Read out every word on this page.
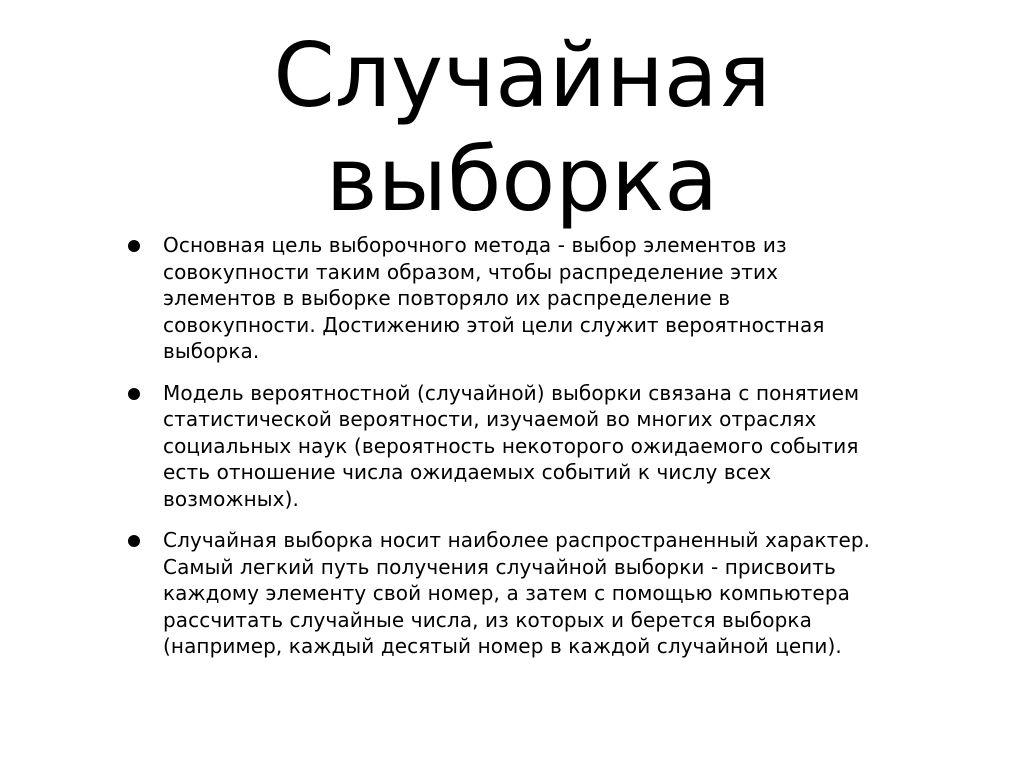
Случайная
выборка
Основная цель выборочного метода - выбор элементов из
совокупности таким образом, чтобы распределение этих
элементов в выборке повторяло их распределение в
совокупности. Достижению этой цели служит вероятностная
выборка.
Модель вероятностной (случайной) выборки связана с понятием
статистической вероятности, изучаемой во многих отраслях
социальных наук (вероятность некоторого ожидаемого события
есть отношение числа ожидаемых событий к числу всех
возможных).
Случайная выборка носит наиболее распространенный характер.
Самый легкий путь получения случайной выборки - присвоить
каждому элементу свой номер, а затем с помощью компьютера
рассчитать случайные числа, из которых и берется выборка
(например, каждый десятый номер в каждой случайной цепи).
